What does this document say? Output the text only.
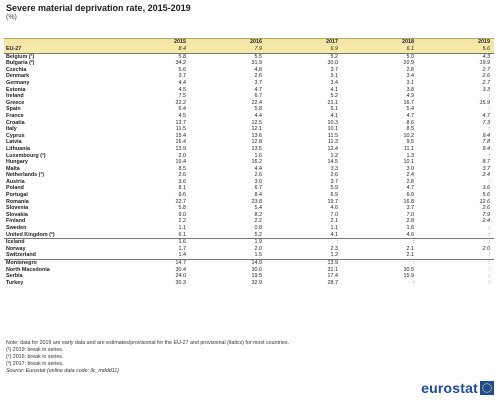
Severe material deprivation rate, 2015-2019
(%)
	2015	2016	2017	2018	2019
EU-27	8.4	7.9	6.9	6.1	5.6
Belgium (¹)	5.8	5.5	5.2	5.0	4.3
Bulgaria (²)	34.2	31.9	30.0	20.9	19.9
Czechia	5.6	4.8	3.7	2.8	2.7
Denmark	3.7	2.6	3.1	3.4	2.6
Germany	4.4	3.7	3.4	3.1	2.7
Estonia	4.5	4.7	4.1	3.8	3.3
Ireland	7.5	6.7	5.2	4.9	:
Greece	22.2	22.4	21.1	16.7	15.9
Spain	6.4	5.8	5.1	5.4	:
France	4.5	4.4	4.1	4.7	4.7
Croatia	13.7	12.5	10.3	8.6	7.3
Italy	11.5	12.1	10.1	8.5	:
Cyprus	15.4	13.6	11.5	10.2	9.4
Latvia	16.4	12.8	11.3	9.5	7.8
Lithuania	13.9	13.5	12.4	11.1	9.4
Luxembourg (³)	2.0	1.6	1.2	1.3	:
Hungary	19.4	16.2	14.5	10.1	8.7
Malta	8.5	4.4	3.3	3.0	3.7
Netherlands (³)	2.6	2.6	2.6	2.4	2.4
Austria	3.6	3.0	3.7	2.8	:
Poland	8.1	6.7	5.9	4.7	3.6
Portugal	9.6	8.4	6.9	6.0	5.6
Romania	22.7	23.8	19.7	16.8	12.6
Slovenia	5.8	5.4	4.6	3.7	2.6
Slovakia	9.0	8.2	7.0	7.0	7.9
Finland	2.2	2.2	2.1	2.8	2.4
Sweden	1.1	0.8	1.1	1.6	:
United Kingdom (²)	6.1	5.2	4.1	4.6	:
Iceland	1.6	1.9	:	:	:
Norway	1.7	2.0	2.3	2.1	2.0
Switzerland	1.4	1.5	1.2	2.1	:
Montenegro	14.7	14.9	13.9	:	:
North Macedonia	30.4	30.0	31.1	30.5	:
Serbia	24.0	19.5	17.4	15.9	:
Turkey	30.3	32.9	28.7	:	:
Note: data for 2019 are early data and are estimates/provisional for the EU-27 and provisional (italics) for most countries.
(¹) 2019: break in series.
(²) 2016: break in series.
(³) 2017: break in series.
Source: Eurostat (online data code: ilc_mddd11)
eurostat
